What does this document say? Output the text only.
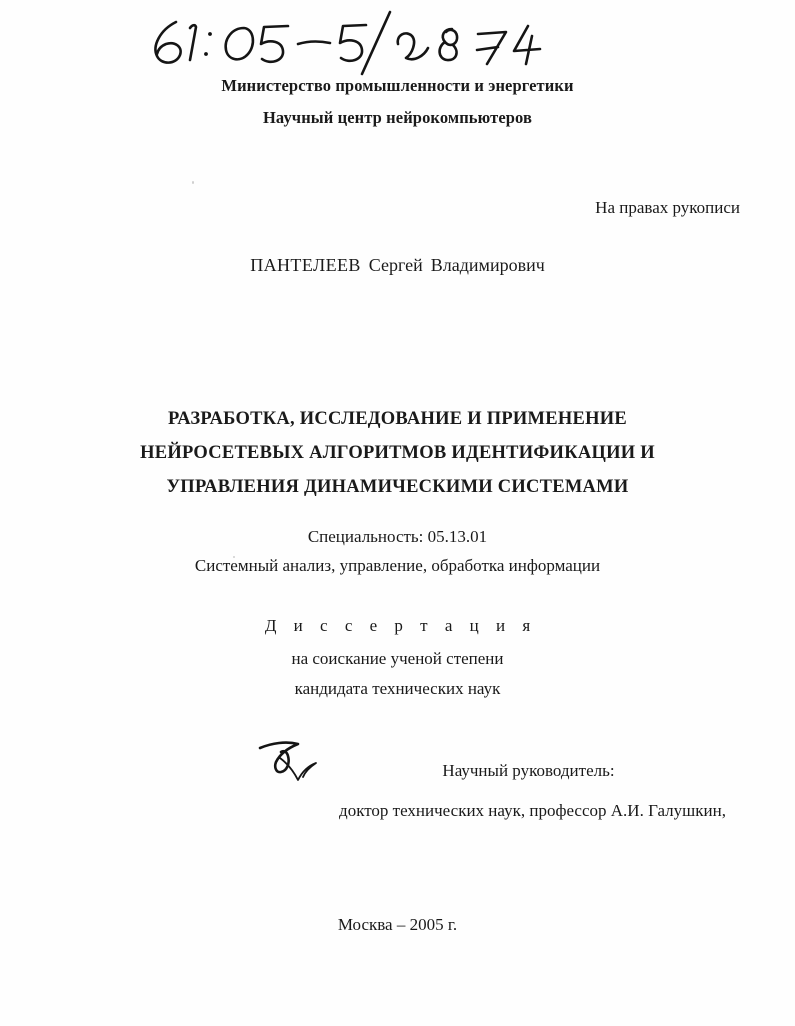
Министерство промышленности и энергетики
Научный центр нейрокомпьютеров
На правах рукописи
ПАНТЕЛЕЕВ Сергей Владимирович
РАЗРАБОТКА, ИССЛЕДОВАНИЕ И ПРИМЕНЕНИЕ
НЕЙРОСЕТЕВЫХ АЛГОРИТМОВ ИДЕНТИФИКАЦИИ И
УПРАВЛЕНИЯ ДИНАМИЧЕСКИМИ СИСТЕМАМИ
Специальность: 05.13.01
Системный анализ, управление, обработка информации
Д и с с е р т а ц и я
на соискание ученой степени
кандидата технических наук
Научный руководитель:
доктор технических наук, профессор А.И. Галушкин,
Москва – 2005 г.
